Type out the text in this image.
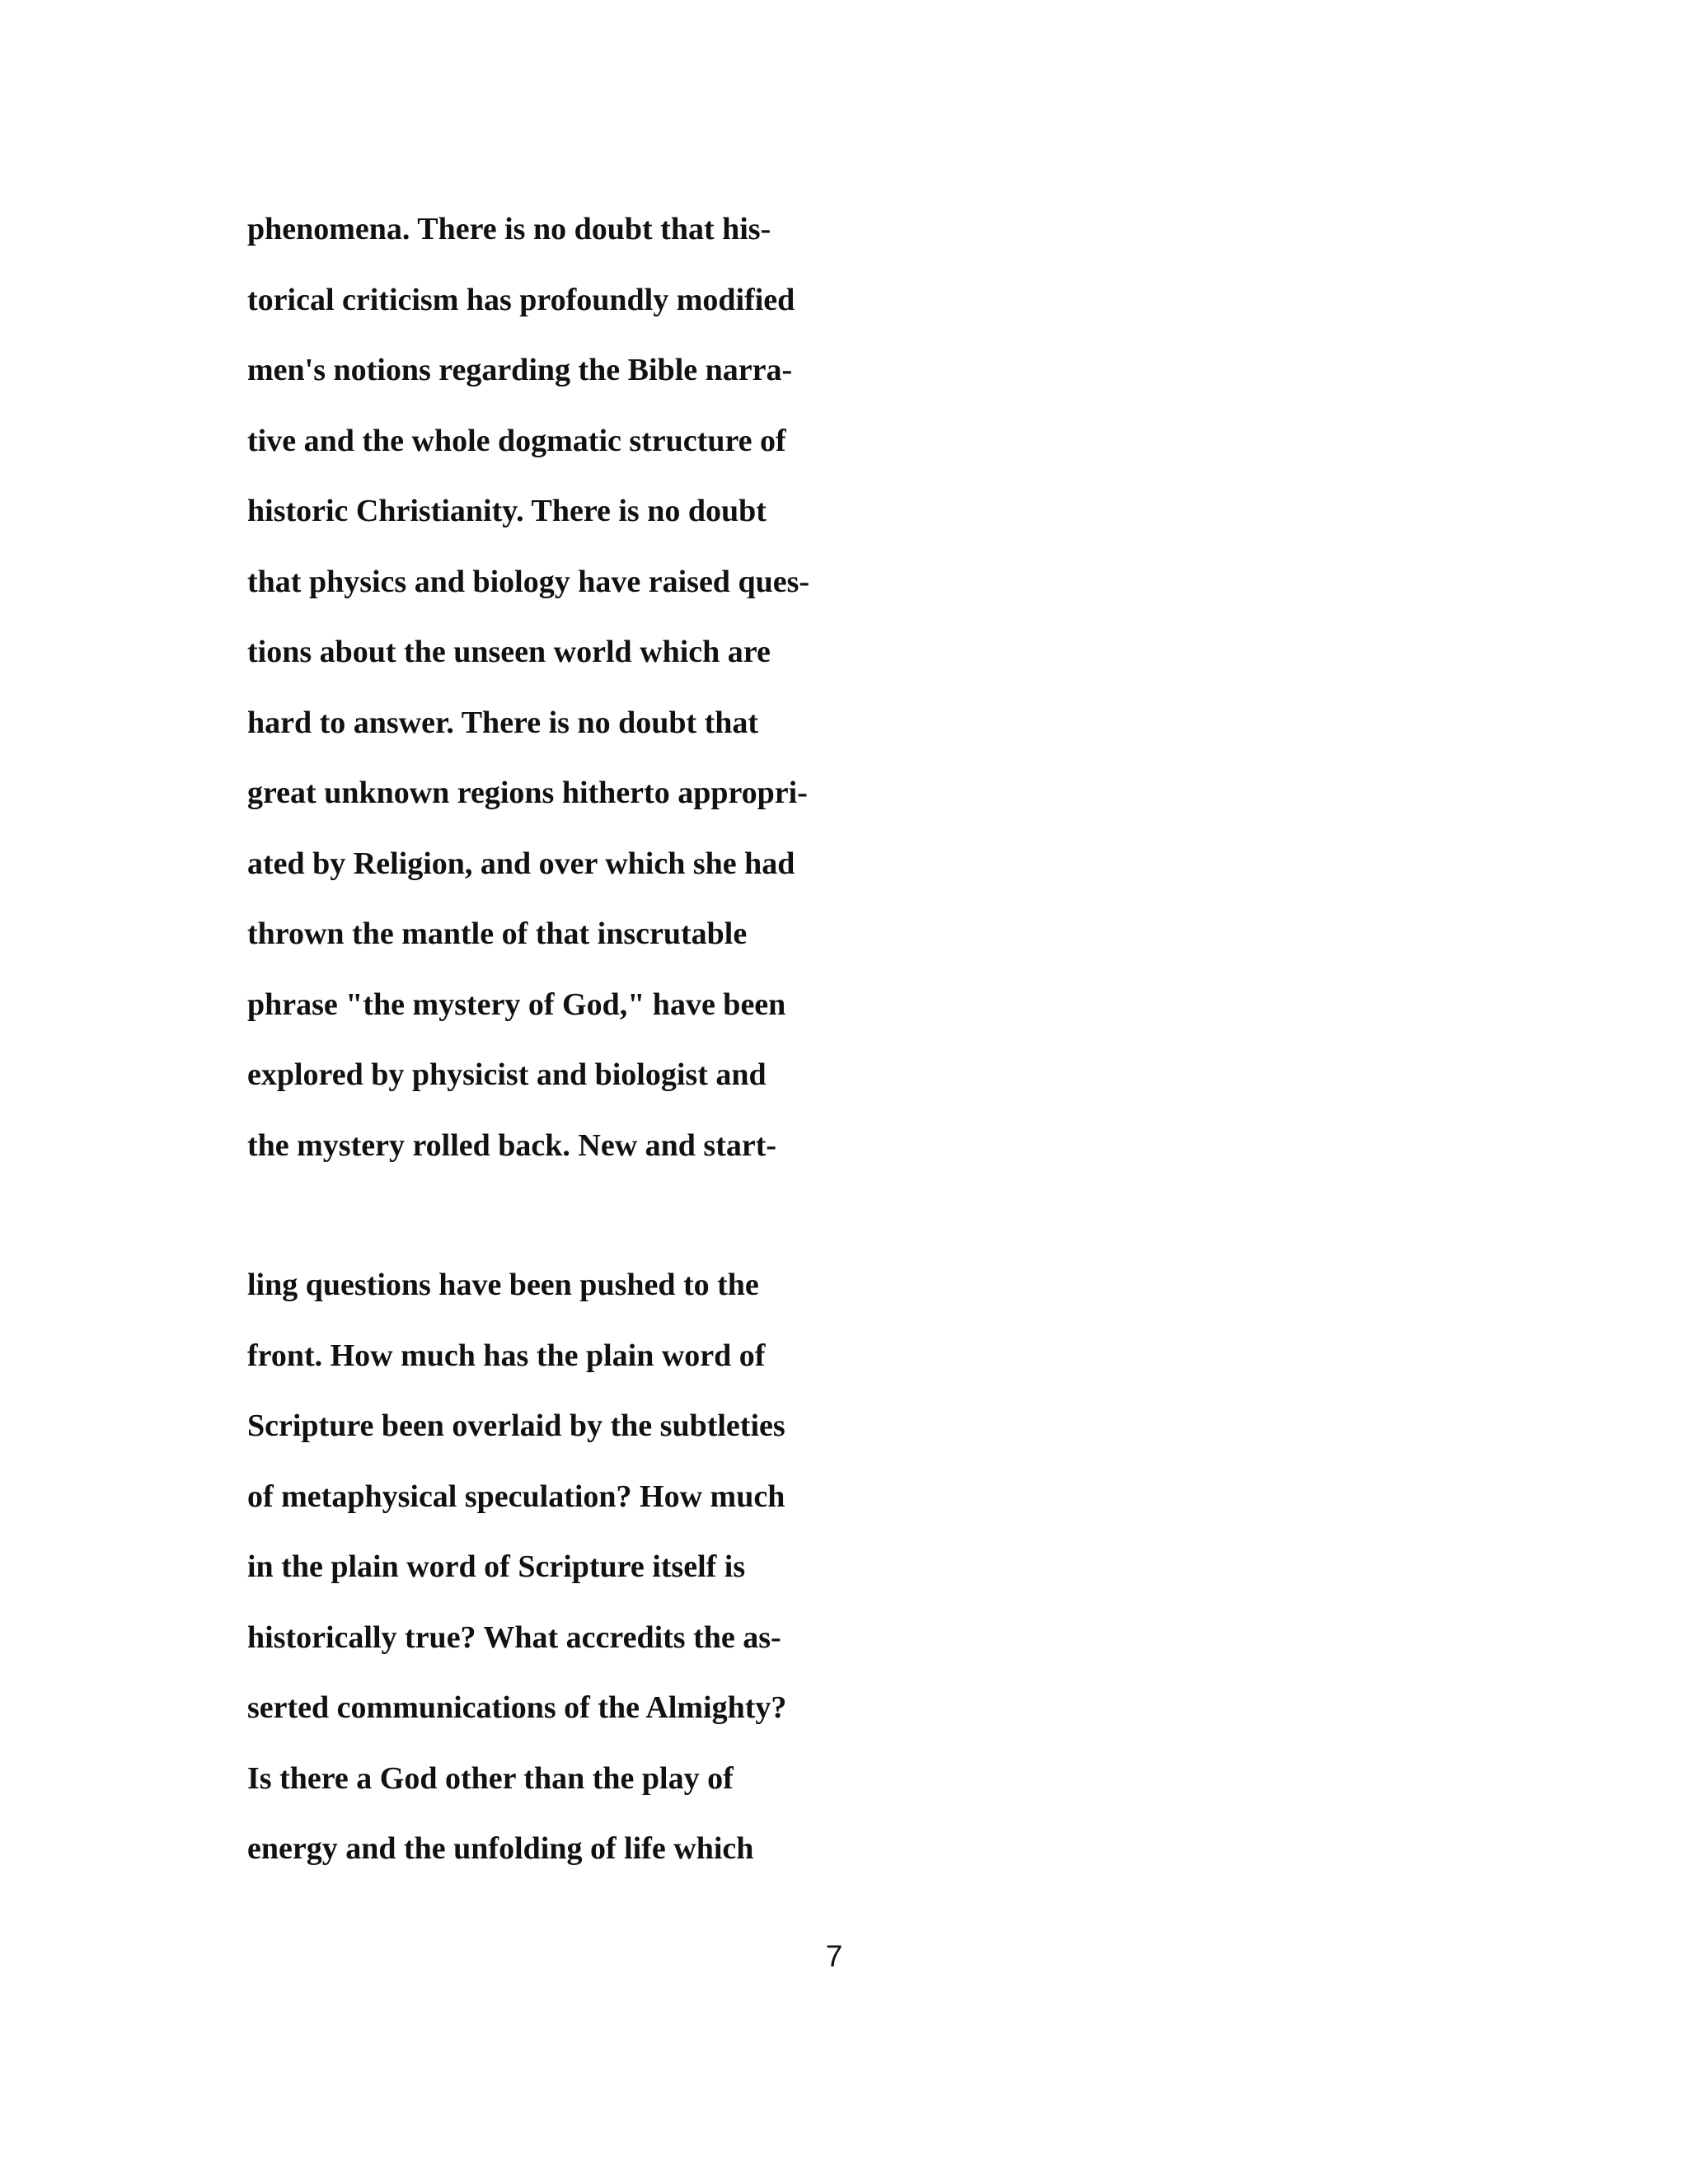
phenomena. There is no doubt that his-
torical criticism has profoundly modified
men's notions regarding the Bible narra-
tive and the whole dogmatic structure of
historic Christianity. There is no doubt
that physics and biology have raised ques-
tions about the unseen world which are
hard to answer. There is no doubt that
great unknown regions hitherto appropri-
ated by Religion, and over which she had
thrown the mantle of that inscrutable
phrase "the mystery of God," have been
explored by physicist and biologist and
the mystery rolled back. New and start-
ling questions have been pushed to the
front. How much has the plain word of
Scripture been overlaid by the subtleties
of metaphysical speculation? How much
in the plain word of Scripture itself is
historically true? What accredits the as-
serted communications of the Almighty?
Is there a God other than the play of
energy and the unfolding of life which
7
